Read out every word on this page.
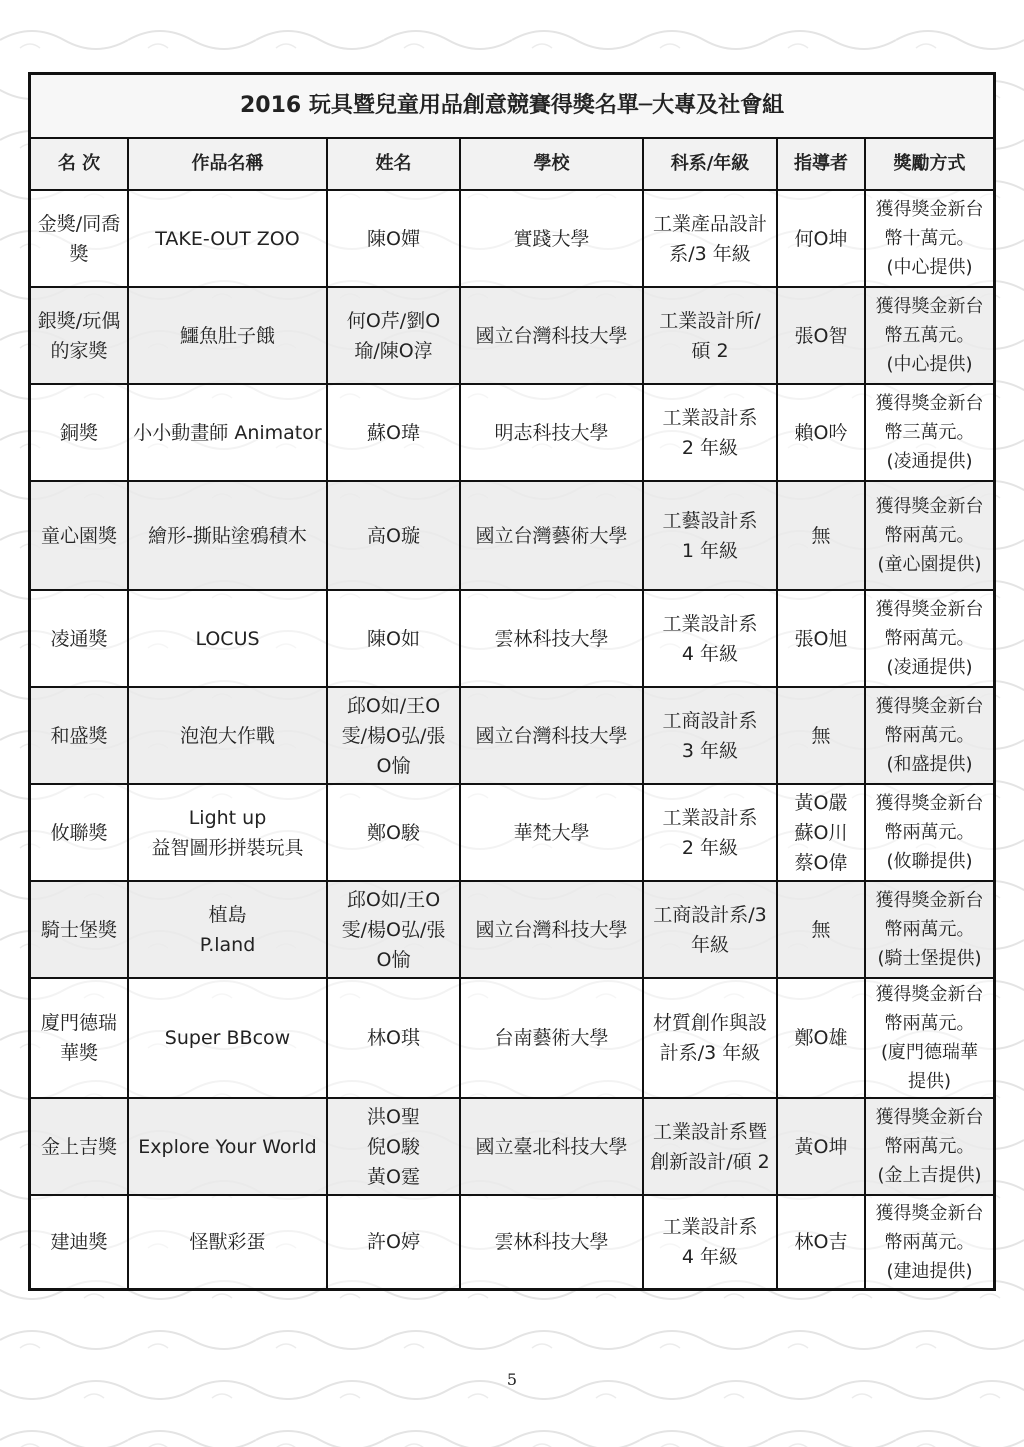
2016 玩具暨兒童用品創意競賽得獎名單─大專及社會組						
名 次	作品名稱	姓名	學校	科系/年級	指導者	獎勵方式
金獎/同喬獎	TAKE-OUT ZOO	陳O嬋	實踐大學	工業產品設計
系/3 年級	何O坤	獲得獎金新台
幣十萬元。
(中心提供)

銀獎/玩偶的家獎	鱷魚肚子餓	何O芹/劉O
瑜/陳O淳	國立台灣科技大學	工業設計所/
碩 2	張O智	獲得獎金新台
幣五萬元。
(中心提供)

銅獎	小小動畫師 Animator	蘇O瑋	明志科技大學	工業設計系
2 年級	賴O吟	獲得獎金新台
幣三萬元。
(凌通提供)

童心園獎	繪形-撕貼塗鴉積木	高O璇	國立台灣藝術大學	工藝設計系
1 年級	無	獲得獎金新台
幣兩萬元。
(童心園提供)

凌通獎	LOCUS	陳O如	雲林科技大學	工業設計系
4 年級	張O旭	獲得獎金新台
幣兩萬元。
(凌通提供)

和盛獎	泡泡大作戰	邱O如/王O
雯/楊O弘/張
O愉	國立台灣科技大學	工商設計系
3 年級	無	獲得獎金新台
幣兩萬元。
(和盛提供)

攸聯獎	Light up
益智圖形拼裝玩具	鄭O駿	華梵大學	工業設計系
2 年級	黃O嚴
蘇O川
蔡O偉	獲得獎金新台
幣兩萬元。
(攸聯提供)

騎士堡獎	植島
P.land	邱O如/王O
雯/楊O弘/張
O愉	國立台灣科技大學	工商設計系/3
年級	無	獲得獎金新台
幣兩萬元。
(騎士堡提供)

廈門德瑞華獎	Super BBcow	林O琪	台南藝術大學	材質創作與設
計系/3 年級	鄭O雄	獲得獎金新台
幣兩萬元。
(廈門德瑞華
提供)

金上吉獎	Explore Your World	洪O聖
倪O駿
黃O霆	國立臺北科技大學	工業設計系暨
創新設計/碩 2	黃O坤	獲得獎金新台
幣兩萬元。
(金上吉提供)

建迪獎	怪獸彩蛋	許O婷	雲林科技大學	工業設計系
4 年級	林O吉	獲得獎金新台
幣兩萬元。
(建迪提供)
5
